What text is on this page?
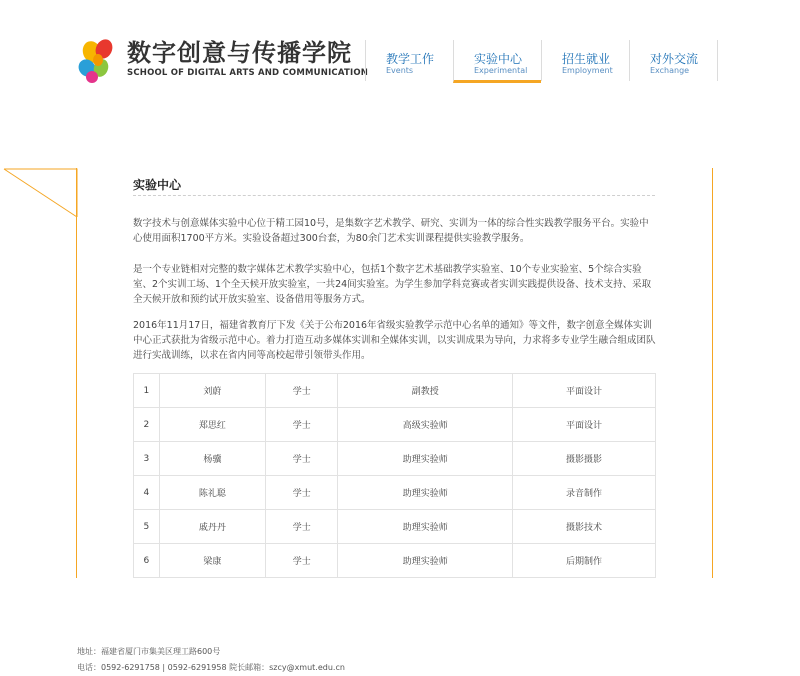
数字创意与传播学院
SCHOOL OF DIGITAL ARTS AND COMMUNICATION
教学工作
Events
实验中心
Experimental
招生就业
Employment
对外交流
Exchange
实验中心

数字技术与创意媒体实验中心位于精工园10号，是集数字艺术教学、研究、实训为一体的综合性实践教学服务平台。实验中心使用面积1700平方米。实验设备超过300台套，为80余门艺术实训课程提供实验教学服务。

是一个专业链相对完整的数字媒体艺术教学实验中心，包括1个数字艺术基础教学实验室、10个专业实验室、5个综合实验室、2个实训工场、1个全天候开放实验室，一共24间实验室。为学生参加学科竞赛或者实训实践提供设备、技术支持、采取全天候开放和预约试开放实验室、设备借用等服务方式。

2016年11月17日，福建省教育厅下发《关于公布2016年省级实验教学示范中心名单的通知》等文件，数字创意全媒体实训中心正式获批为省级示范中心。着力打造互动多媒体实训和全媒体实训，以实训成果为导向，力求将多专业学生融合组成团队进行实战训练，以求在省内同等高校起带引领带头作用。

1	刘蔚	学士	副教授	平面设计
2	郑思红	学士	高级实验师	平面设计
3	杨骥	学士	助理实验师	摄影摄影
4	陈礼聪	学士	助理实验师	录音制作
5	戚丹丹	学士	助理实验师	摄影技术
6	梁康	学士	助理实验师	后期制作
地址：福建省厦门市集美区理工路600号
电话：0592-6291758 | 0592-6291958 院长邮箱：szcy@xmut.edu.cn
